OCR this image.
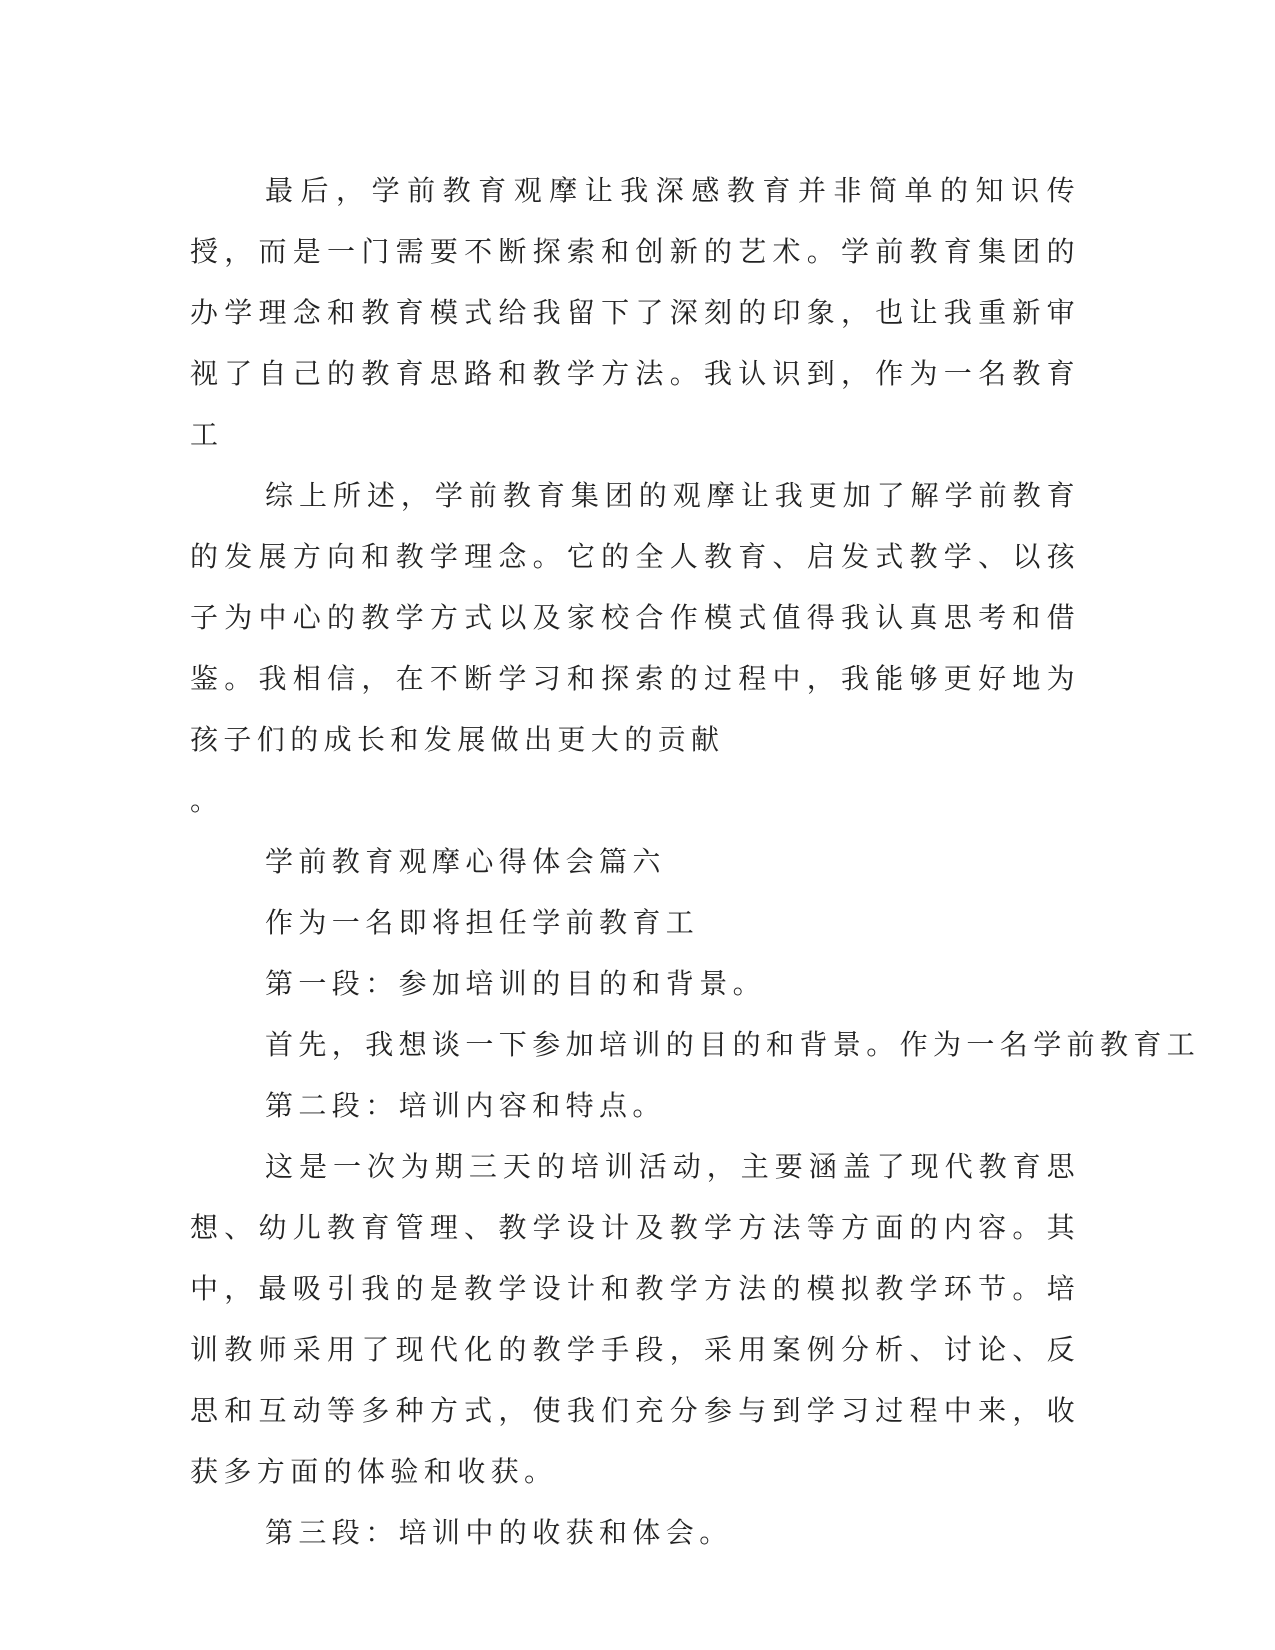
最后，学前教育观摩让我深感教育并非简单的知识传授，而是一门需要不断探索和创新的艺术。学前教育集团的办学理念和教育模式给我留下了深刻的印象，也让我重新审视了自己的教育思路和教学方法。我认识到，作为一名教育工

综上所述，学前教育集团的观摩让我更加了解学前教育的发展方向和教学理念。它的全人教育、启发式教学、以孩子为中心的教学方式以及家校合作模式值得我认真思考和借鉴。我相信，在不断学习和探索的过程中，我能够更好地为孩子们的成长和发展做出更大的贡献

。

学前教育观摩心得体会篇六

作为一名即将担任学前教育工

第一段：参加培训的目的和背景。

首先，我想谈一下参加培训的目的和背景。作为一名学前教育工

第二段：培训内容和特点。

这是一次为期三天的培训活动，主要涵盖了现代教育思想、幼儿教育管理、教学设计及教学方法等方面的内容。其中，最吸引我的是教学设计和教学方法的模拟教学环节。培训教师采用了现代化的教学手段，采用案例分析、讨论、反思和互动等多种方式，使我们充分参与到学习过程中来，收获多方面的体验和收获。

第三段：培训中的收获和体会。
